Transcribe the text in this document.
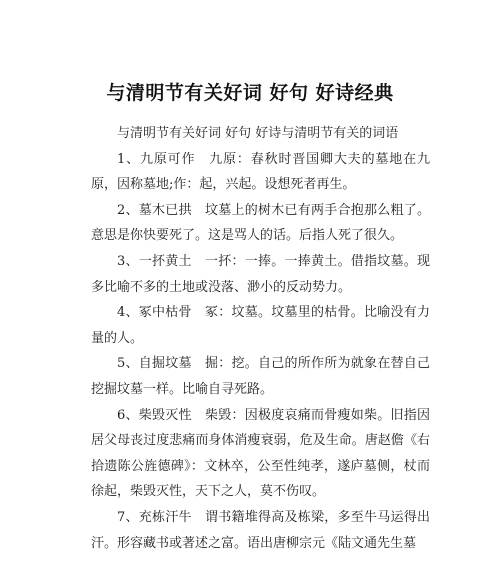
与清明节有关好词 好句 好诗经典

与清明节有关好词 好句 好诗与清明节有关的词语

1、九原可作　九原：春秋时晋国卿大夫的墓地在九原，因称墓地;作：起，兴起。设想死者再生。

2、墓木已拱　坟墓上的树木已有两手合抱那么粗了。意思是你快要死了。这是骂人的话。后指人死了很久。

3、一抔黄土　一抔：一捧。一捧黄土。借指坟墓。现多比喻不多的土地或没落、渺小的反动势力。

4、冢中枯骨　冢：坟墓。坟墓里的枯骨。比喻没有力量的人。

5、自掘坟墓　掘：挖。自己的所作所为就象在替自己挖掘坟墓一样。比喻自寻死路。

6、柴毁灭性　柴毁：因极度哀痛而骨瘦如柴。旧指因居父母丧过度悲痛而身体消瘦衰弱，危及生命。唐赵儋《右拾遗陈公旌德碑》：文林卒，公至性纯孝，遂庐墓侧，杖而徐起，柴毁灭性，天下之人，莫不伤叹。

7、充栋汗牛　谓书籍堆得高及栋梁，多至牛马运得出汗。形容藏书或著述之富。语出唐柳宗元《陆文通先生墓
